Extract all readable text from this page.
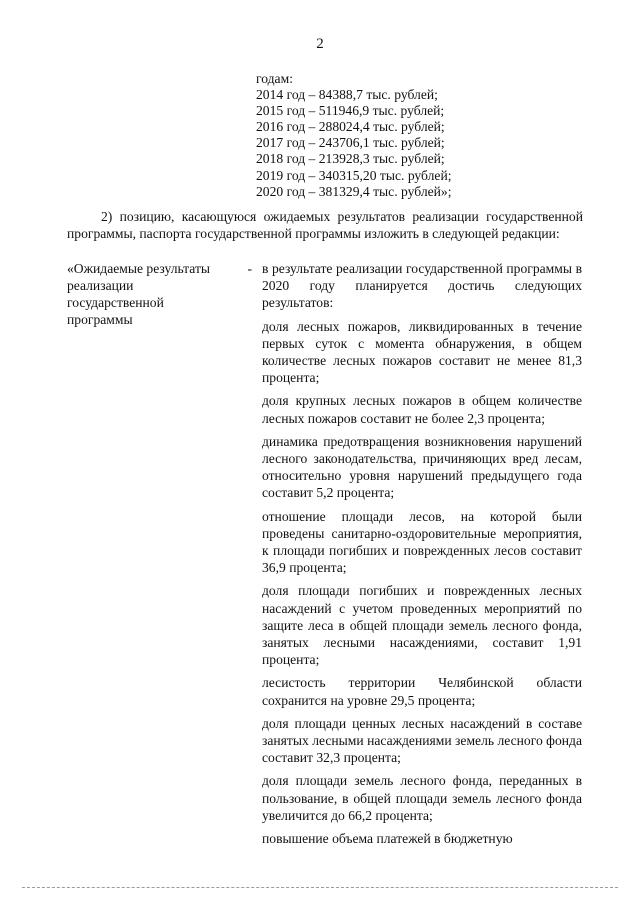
2
годам:
2014 год – 84388,7 тыс. рублей;
2015 год – 511946,9 тыс. рублей;
2016 год – 288024,4 тыс. рублей;
2017 год – 243706,1 тыс. рублей;
2018 год – 213928,3 тыс. рублей;
2019 год – 340315,20 тыс. рублей;
2020 год – 381329,4 тыс. рублей»;
2) позицию, касающуюся ожидаемых результатов реализации государственной программы, паспорта государственной программы изложить в следующей редакции:
«Ожидаемые результаты	-
реализации
государственной
программы

в результате реализации государственной программы в 2020 году планируется достичь следующих результатов:

доля лесных пожаров, ликвидированных в течение первых суток с момента обнаружения, в общем количестве лесных пожаров составит не менее 81,3 процента;

доля крупных лесных пожаров в общем количестве лесных пожаров составит не более 2,3 процента;

динамика предотвращения возникновения нарушений лесного законодательства, причиняющих вред лесам, относительно уровня нарушений предыдущего года составит 5,2 процента;

отношение площади лесов, на которой были проведены санитарно-оздоровительные мероприятия, к площади погибших и поврежденных лесов составит 36,9 процента;

доля площади погибших и поврежденных лесных насаждений с учетом проведенных мероприятий по защите леса в общей площади земель лесного фонда, занятых лесными насаждениями, составит 1,91 процента;

лесистость территории Челябинской области сохранится на уровне 29,5 процента;

доля площади ценных лесных насаждений в составе занятых лесными насаждениями земель лесного фонда составит 32,3 процента;

доля площади земель лесного фонда, переданных в пользование, в общей площади земель лесного фонда увеличится до 66,2 процента;

повышение объема платежей в бюджетную
